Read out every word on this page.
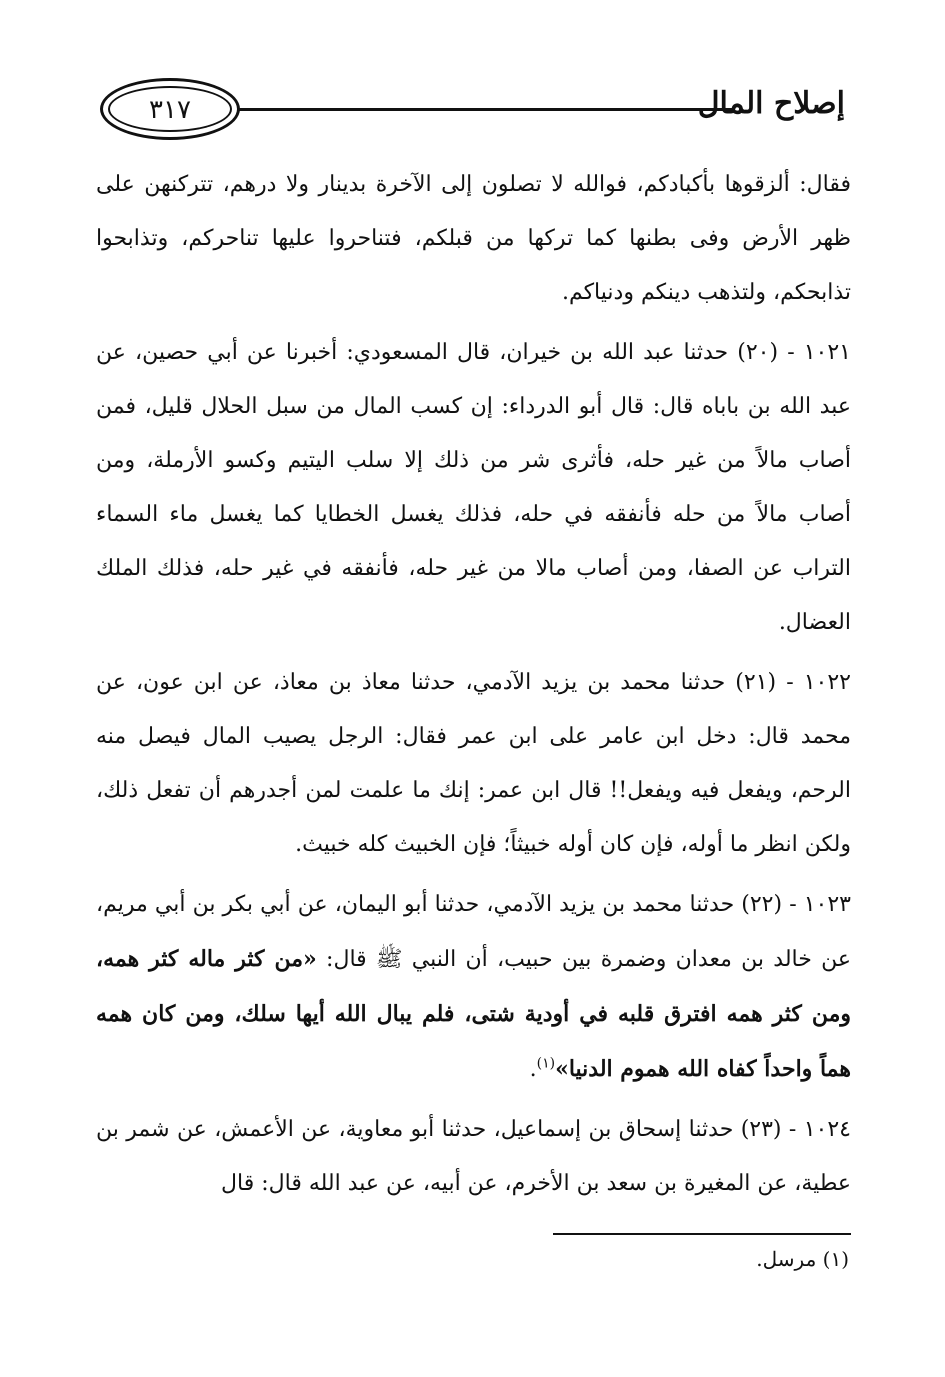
إصلاح المال
٣١٧

فقال: ألزقوها بأكبادكم، فوالله لا تصلون إلى الآخرة بدينار ولا درهم، تتركنهن على ظهر الأرض وفى بطنها كما تركها من قبلكم، فتناحروا عليها تناحركم، وتذابحوا تذابحكم، ولتذهب دينكم ودنياكم.

١٠٢١ - (٢٠) حدثنا عبد الله بن خيران، قال المسعودي: أخبرنا عن أبي حصين، عن عبد الله بن باباه قال: قال أبو الدرداء: إن كسب المال من سبل الحلال قليل، فمن أصاب مالاً من غير حله، فأثرى شر من ذلك إلا سلب اليتيم وكسو الأرملة، ومن أصاب مالاً من حله فأنفقه في حله، فذلك يغسل الخطايا كما يغسل ماء السماء التراب عن الصفا، ومن أصاب مالا من غير حله، فأنفقه في غير حله، فذلك الملك العضال.

١٠٢٢ - (٢١) حدثنا محمد بن يزيد الآدمي، حدثنا معاذ بن معاذ، عن ابن عون، عن محمد قال: دخل ابن عامر على ابن عمر فقال: الرجل يصيب المال فيصل منه الرحم، ويفعل فيه ويفعل!! قال ابن عمر: إنك ما علمت لمن أجدرهم أن تفعل ذلك، ولكن انظر ما أوله، فإن كان أوله خبيثاً؛ فإن الخبيث كله خبيث.

١٠٢٣ - (٢٢) حدثنا محمد بن يزيد الآدمي، حدثنا أبو اليمان، عن أبي بكر بن أبي مريم، عن خالد بن معدان وضمرة بين حبيب، أن النبي ﷺ قال: «من كثر ماله كثر همه، ومن كثر همه افترق قلبه في أودية شتى، فلم يبال الله أيها سلك، ومن كان همه هماً واحداً كفاه الله هموم الدنيا»$^{(١)}$.

١٠٢٤ - (٢٣) حدثنا إسحاق بن إسماعيل، حدثنا أبو معاوية، عن الأعمش، عن شمر بن عطية، عن المغيرة بن سعد بن الأخرم، عن أبيه، عن عبد الله قال: قال

(١) مرسل.
